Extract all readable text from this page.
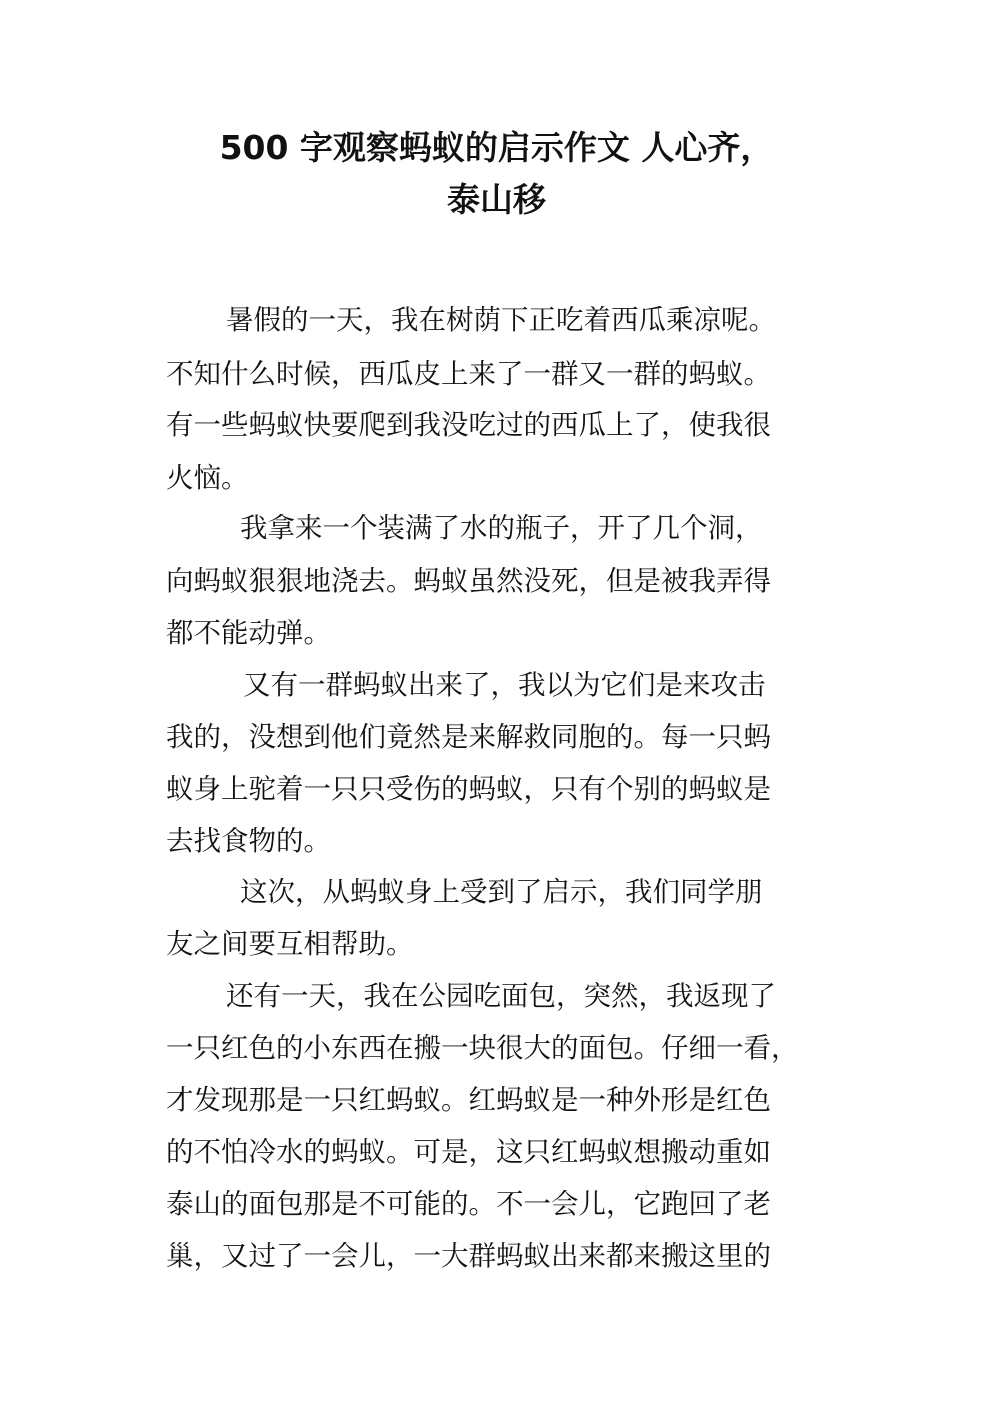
500 字观察蚂蚁的启示作文 人心齐，
泰山移
暑假的一天，我在树荫下正吃着西瓜乘凉呢。
不知什么时候，西瓜皮上来了一群又一群的蚂蚁。
有一些蚂蚁快要爬到我没吃过的西瓜上了，使我很
火恼。
我拿来一个装满了水的瓶子，开了几个洞，
向蚂蚁狠狠地浇去。蚂蚁虽然没死，但是被我弄得
都不能动弹。
又有一群蚂蚁出来了，我以为它们是来攻击
我的，没想到他们竟然是来解救同胞的。每一只蚂
蚁身上驼着一只只受伤的蚂蚁，只有个别的蚂蚁是
去找食物的。
这次，从蚂蚁身上受到了启示，我们同学朋
友之间要互相帮助。
还有一天，我在公园吃面包，突然，我返现了
一只红色的小东西在搬一块很大的面包。仔细一看，
才发现那是一只红蚂蚁。红蚂蚁是一种外形是红色
的不怕冷水的蚂蚁。可是，这只红蚂蚁想搬动重如
泰山的面包那是不可能的。不一会儿，它跑回了老
巢，又过了一会儿，一大群蚂蚁出来都来搬这里的
